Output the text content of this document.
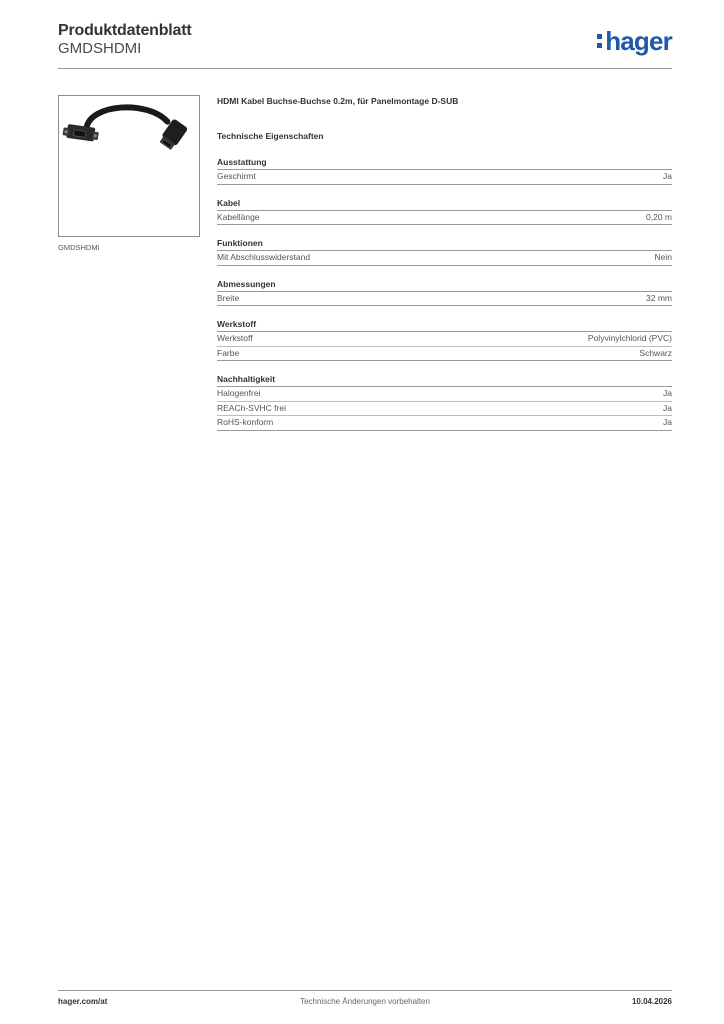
Produktdatenblatt
GMDSHDMI	hager
GMDSHDMI
HDMI Kabel Buchse-Buchse 0.2m, für Panelmontage D-SUB
Technische Eigenschaften
Ausstattung
Geschirmt	Ja
Kabel
Kabellänge	0,20 m
Funktionen
Mit Abschlusswiderstand	Nein
Abmessungen
Breite	32 mm
Werkstoff
Werkstoff	Polyvinylchlorid (PVC)
Farbe	Schwarz
Nachhaltigkeit
Halogenfrei	Ja
REACh-SVHC frei	Ja
RoHS-konform	Ja
hager.com/at	Technische Änderungen vorbehalten	10.04.2026
